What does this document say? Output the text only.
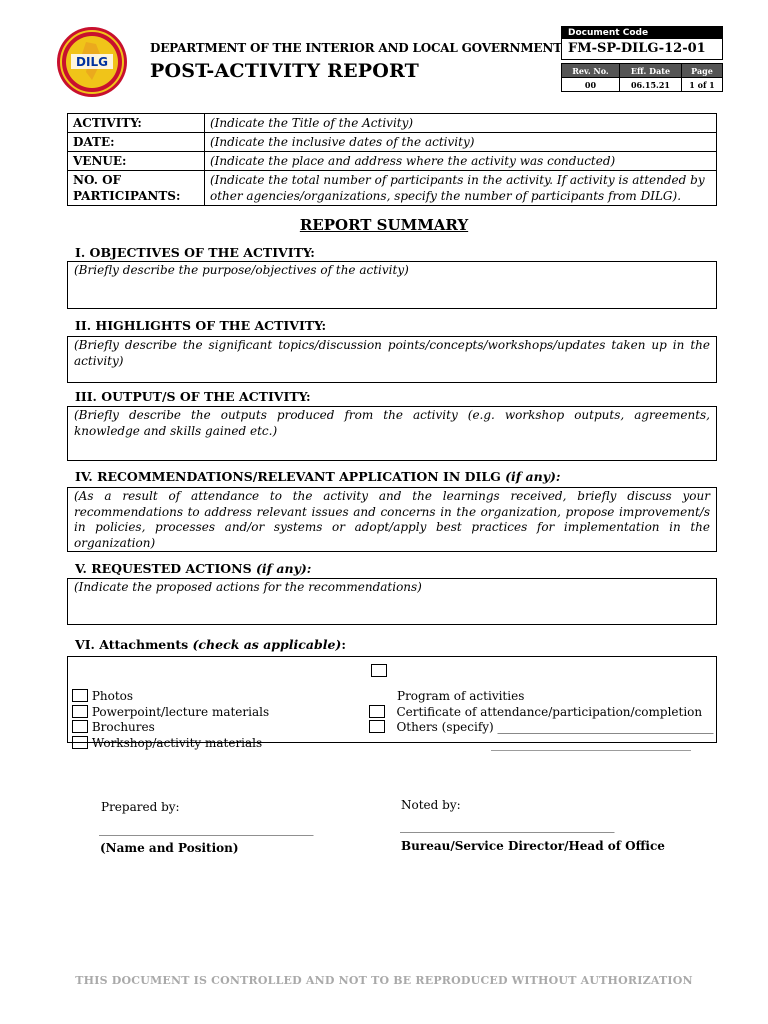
DILG
DEPARTMENT OF THE INTERIOR AND LOCAL GOVERNMENT
POST-ACTIVITY REPORT
Document Code
FM-SP-DILG-12-01
Rev. No.	Eff. Date	Page
00	06.15.21	1 of 1
ACTIVITY:	(Indicate the Title of the Activity)
DATE:	(Indicate the inclusive dates of the activity)
VENUE:	(Indicate the place and address where the activity was conducted)
NO. OF PARTICIPANTS:	(Indicate the total number of participants in the activity. If activity is attended by other agencies/organizations, specify the number of participants from DILG).
REPORT SUMMARY
I. OBJECTIVES OF THE ACTIVITY:
(Briefly describe the purpose/objectives of the activity)
II. HIGHLIGHTS OF THE ACTIVITY:
(Briefly describe the significant topics/discussion points/concepts/workshops/updates taken up in the activity)
III. OUTPUT/S OF THE ACTIVITY:
(Briefly describe the outputs produced from the activity (e.g. workshop outputs, agreements, knowledge and skills gained etc.)
IV. RECOMMENDATIONS/RELEVANT APPLICATION IN DILG (if any):
(As a result of attendance to the activity and the learnings received, briefly discuss your recommendations to address relevant issues and concerns in the organization, propose improvement/s in policies, processes and/or systems or adopt/apply best practices for implementation in the organization)
V. REQUESTED ACTIONS (if any):
(Indicate the proposed actions for the recommendations)
VI. Attachments (check as applicable):
Photos
Powerpoint/lecture materials
Brochures
Workshop/activity materials
Program of activities
Certificate of attendance/participation/completion
Others (specify) ____________________________________
________________________________________
Prepared by:
_______________________________________
(Name and Position)
Noted by:
_______________________________________
Bureau/Service Director/Head of Office
THIS DOCUMENT IS CONTROLLED AND NOT TO BE REPRODUCED WITHOUT AUTHORIZATION
